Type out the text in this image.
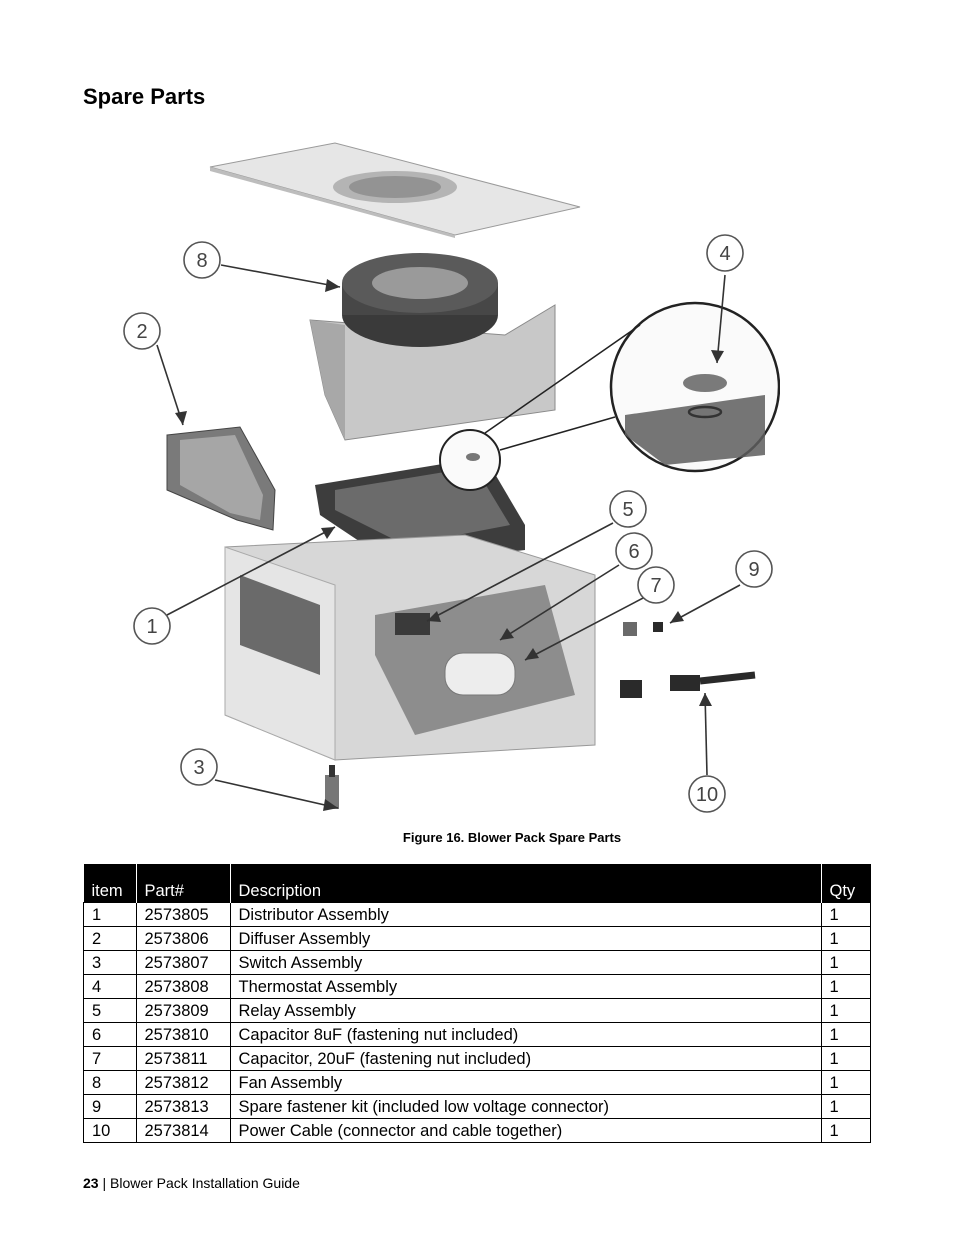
Spare Parts
8
2
1
3
4
5
6
7
9
10
Figure 16. Blower Pack Spare Parts
item	Part#	Description	Qty
1	2573805	Distributor Assembly	1
2	2573806	Diffuser Assembly	1
3	2573807	Switch Assembly	1
4	2573808	Thermostat Assembly	1
5	2573809	Relay Assembly	1
6	2573810	Capacitor 8uF (fastening nut included)	1
7	2573811	Capacitor, 20uF (fastening nut included)	1
8	2573812	Fan Assembly	1
9	2573813	Spare fastener kit (included low voltage connector)	1
10	2573814	Power Cable (connector and cable together)	1
23 | Blower Pack Installation Guide
